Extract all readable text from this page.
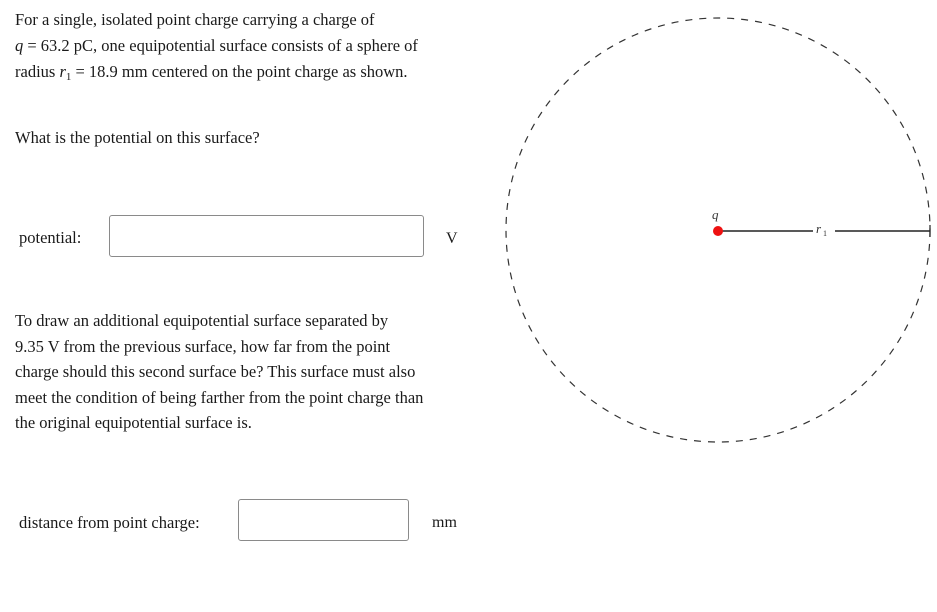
For a single, isolated point charge carrying a charge of
q = 63.2 pC, one equipotential surface consists of a sphere of
radius $r_1 = 18.9$ mm centered on the point charge as shown.
What is the potential on this surface?
potential:	V
To draw an additional equipotential surface separated by
9.35 V from the previous surface, how far from the point
charge should this second surface be? This surface must also
meet the condition of being farther from the point charge than
the original equipotential surface is.
distance from point charge:	mm
r 1
q
